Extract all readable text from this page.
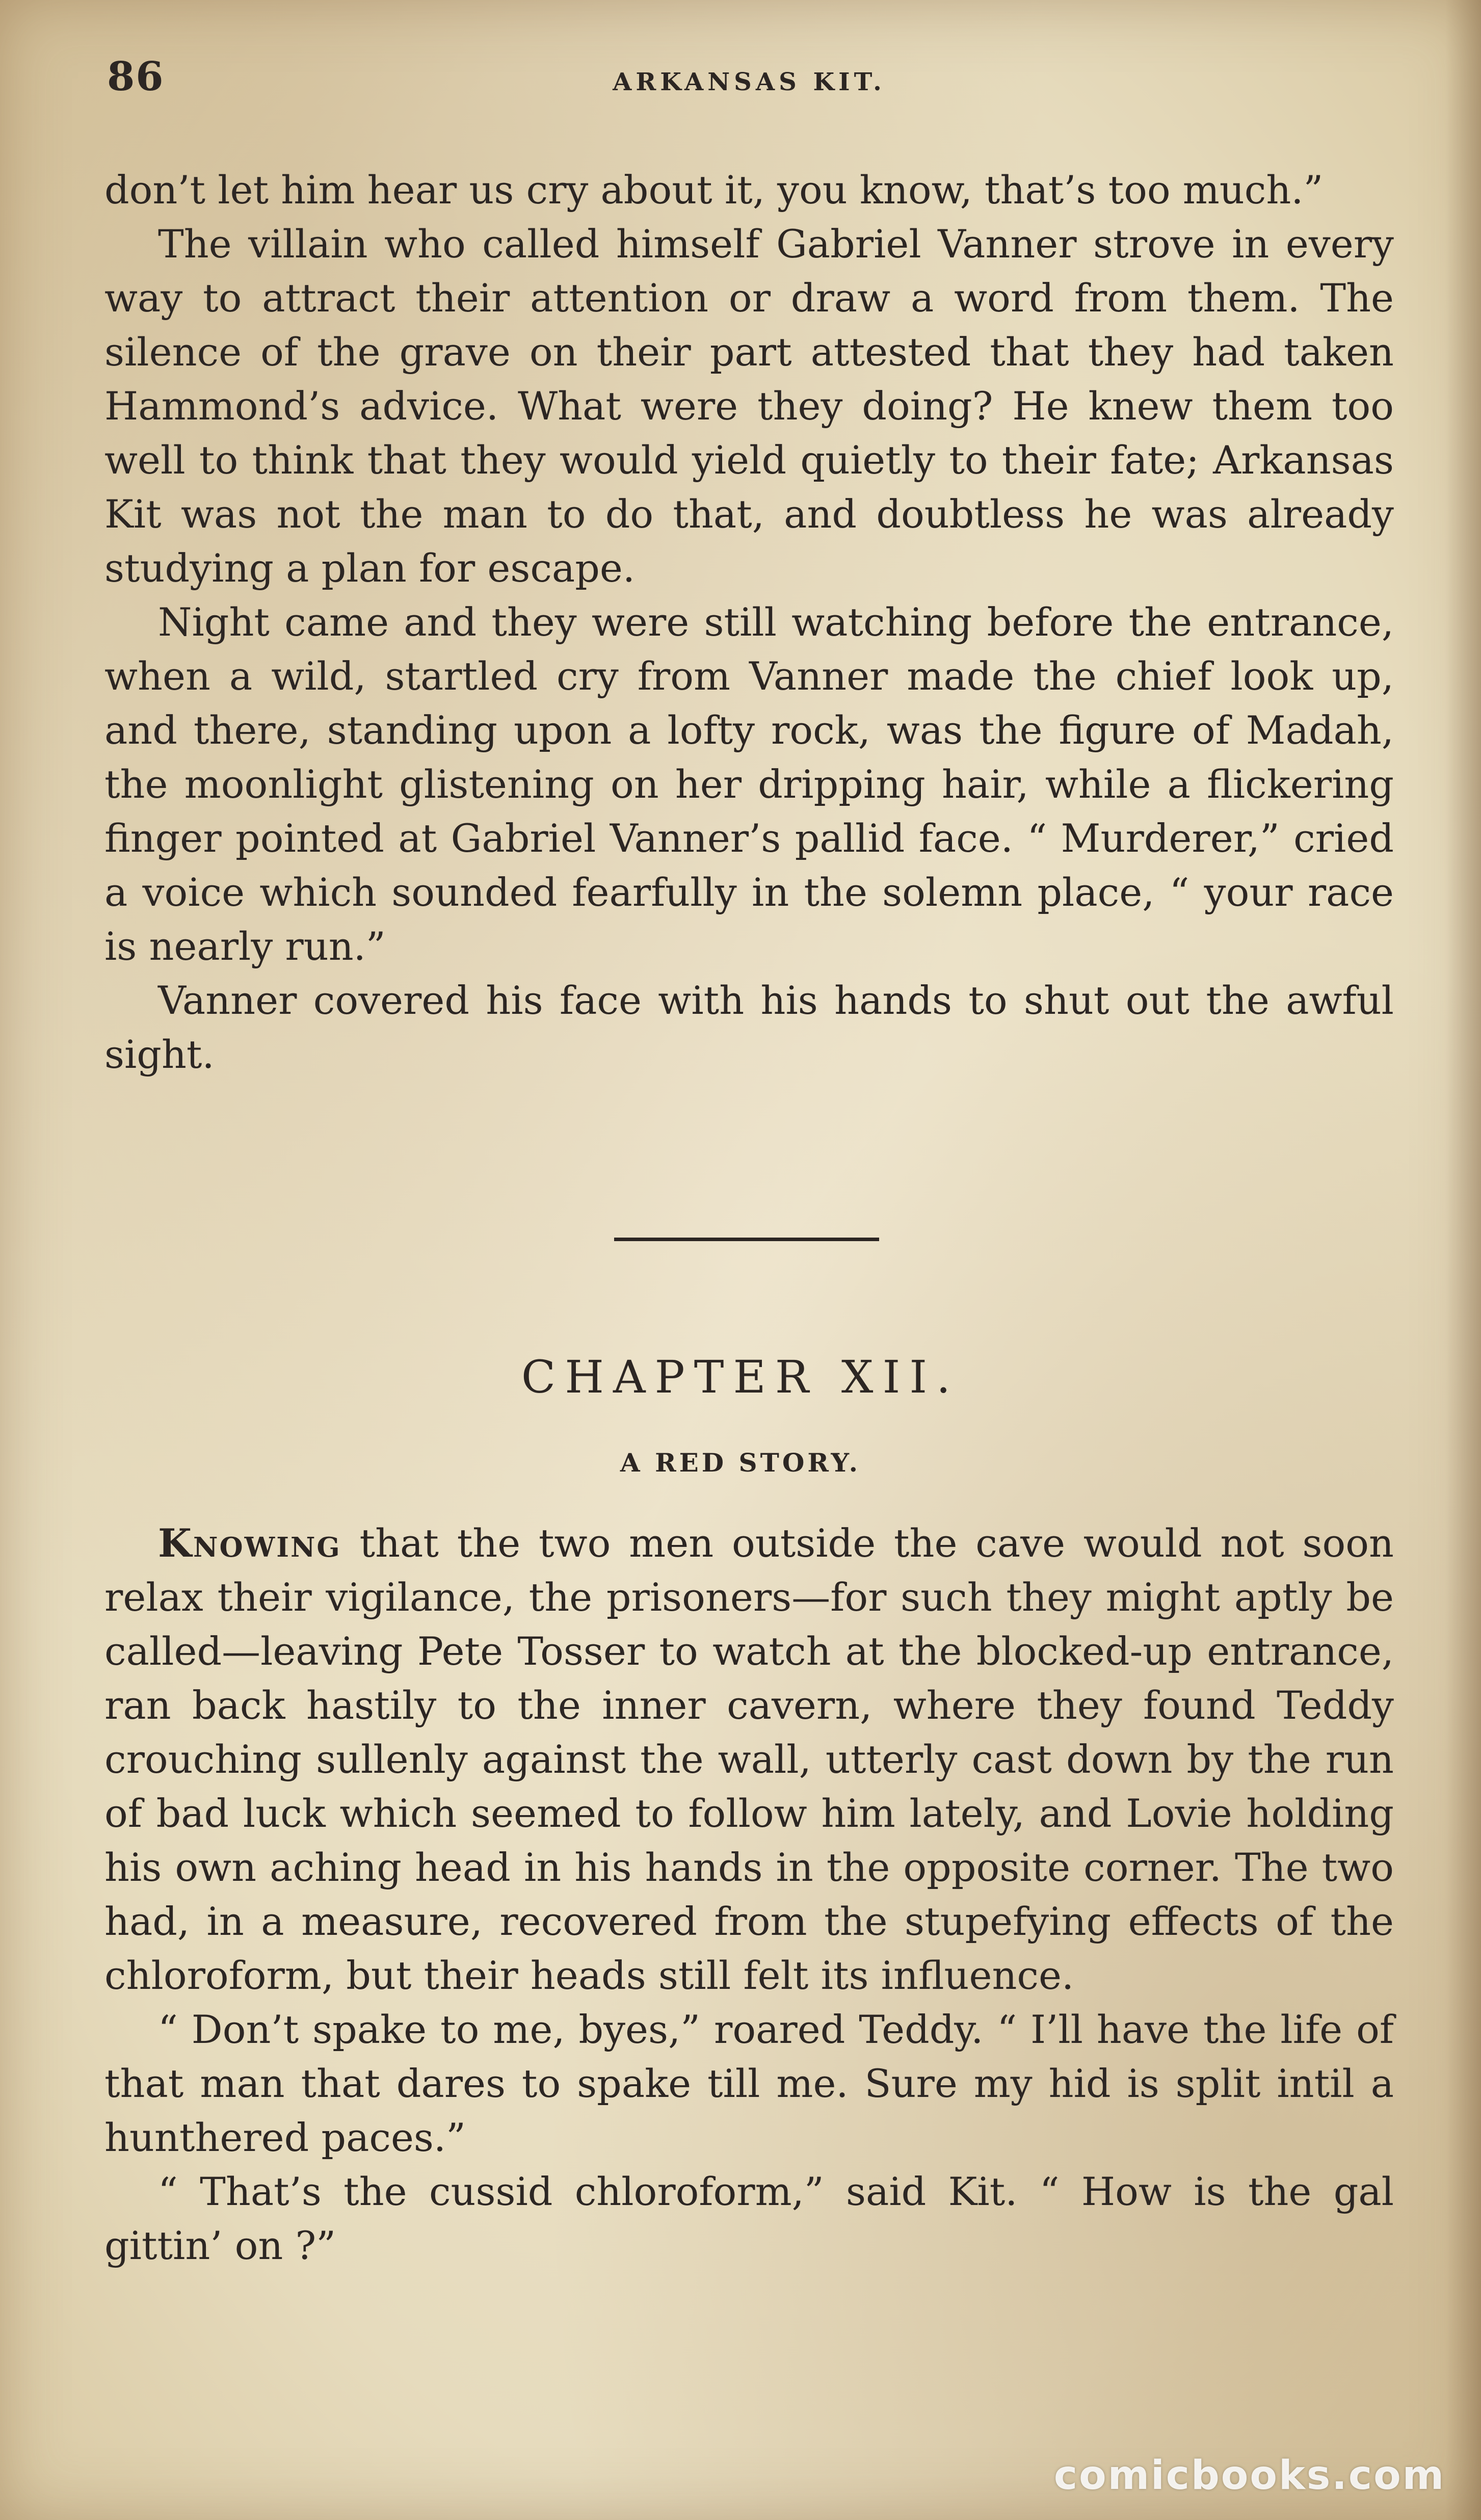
86	ARKANSAS KIT.

don’t let him hear us cry about it, you know, that’s too much.”

The villain who called himself Gabriel Vanner strove in every way to attract their attention or draw a word from them. The silence of the grave on their part attested that they had taken Hammond’s advice. What were they doing? He knew them too well to think that they would yield quietly to their fate; Arkansas Kit was not the man to do that, and doubtless he was already studying a plan for escape.

Night came and they were still watching before the entrance, when a wild, startled cry from Vanner made the chief look up, and there, standing upon a lofty rock, was the figure of Madah, the moonlight glistening on her dripping hair, while a flickering finger pointed at Gabriel Vanner’s pallid face. “ Murderer,” cried a voice which sounded fearfully in the solemn place, “ your race is nearly run.”

Vanner covered his face with his hands to shut out the awful sight.

CHAPTER XII.
A RED STORY.

Knowing that the two men outside the cave would not soon relax their vigilance, the prisoners—for such they might aptly be called—leaving Pete Tosser to watch at the blocked-up entrance, ran back hastily to the inner cavern, where they found Teddy crouching sullenly against the wall, utterly cast down by the run of bad luck which seemed to follow him lately, and Lovie holding his own aching head in his hands in the opposite corner. The two had, in a measure, recovered from the stupefying effects of the chloroform, but their heads still felt its influence.

“ Don’t spake to me, byes,” roared Teddy. “ I’ll have the life of that man that dares to spake till me. Sure my hid is split intil a hunthered paces.”

“ That’s the cussid chloroform,” said Kit. “ How is the gal gittin’ on ?”

comicbooks.com
